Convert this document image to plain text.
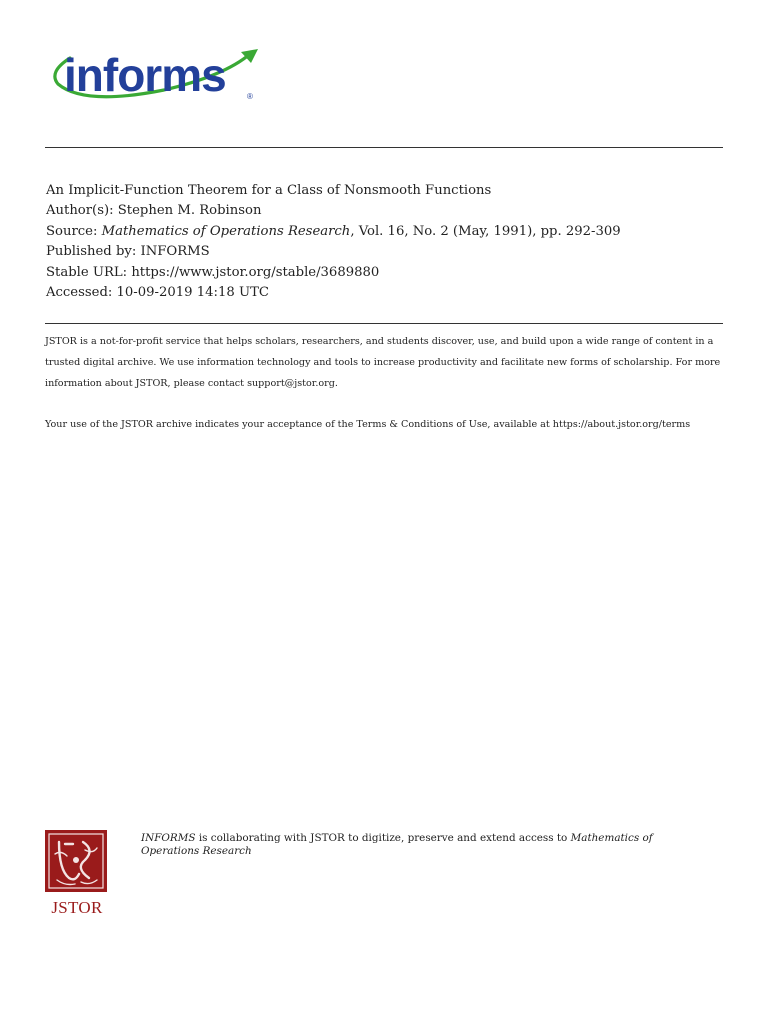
informs	®
An Implicit-Function Theorem for a Class of Nonsmooth Functions
Author(s): Stephen M. Robinson
Source: Mathematics of Operations Research, Vol. 16, No. 2 (May, 1991), pp. 292-309
Published by: INFORMS
Stable URL: https://www.jstor.org/stable/3689880
Accessed: 10-09-2019 14:18 UTC

JSTOR is a not-for-profit service that helps scholars, researchers, and students discover, use, and build upon a wide range of content in a trusted digital archive. We use information technology and tools to increase productivity and facilitate new forms of scholarship. For more information about JSTOR, please contact support@jstor.org.

Your use of the JSTOR archive indicates your acceptance of the Terms & Conditions of Use, available at https://about.jstor.org/terms

JSTOR
INFORMS is collaborating with JSTOR to digitize, preserve and extend access to Mathematics of Operations Research
